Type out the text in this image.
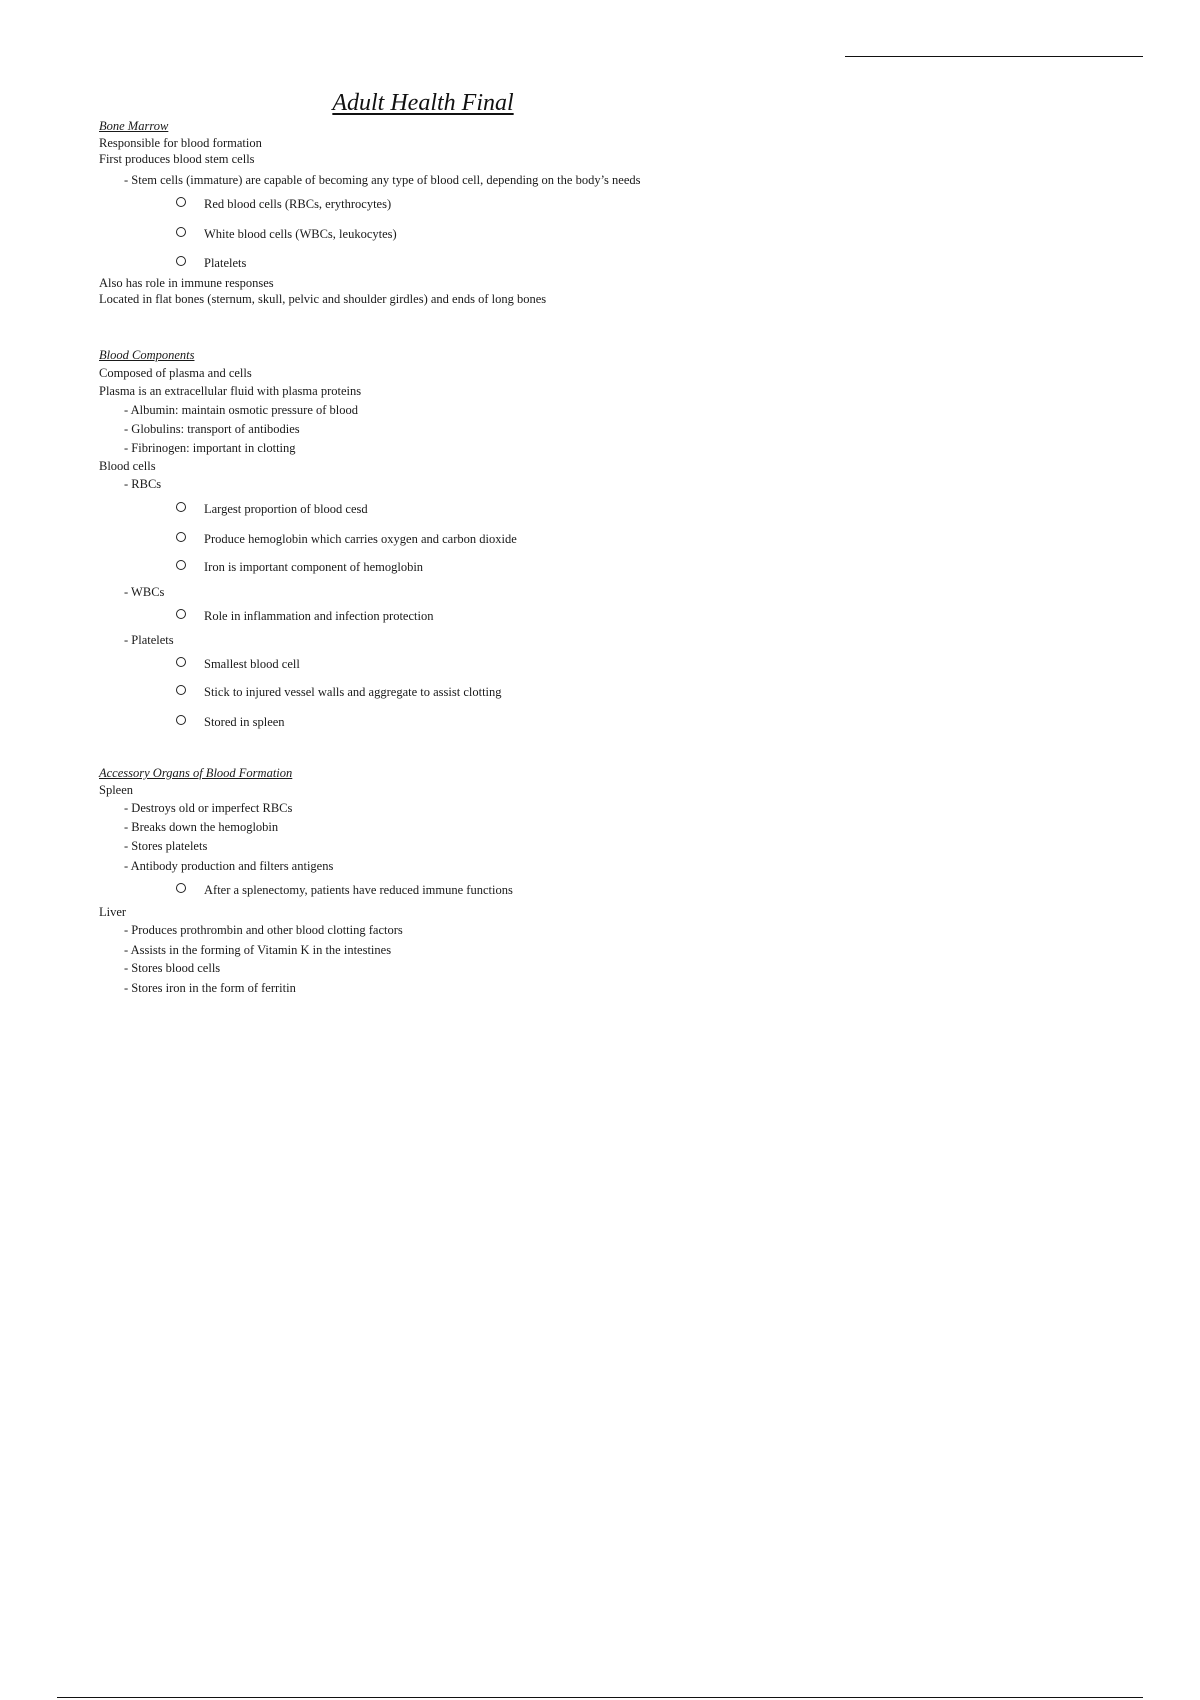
Adult Health Final
Bone Marrow
Responsible for blood formation
First produces blood stem cells
- Stem cells (immature) are capable of becoming any type of blood cell, depending on the body’s needs
Red blood cells (RBCs, erythrocytes)
White blood cells (WBCs, leukocytes)
Platelets
Also has role in immune responses
Located in flat bones (sternum, skull, pelvic and shoulder girdles) and ends of long bones
Blood Components
Composed of plasma and cells
Plasma is an extracellular fluid with plasma proteins
- Albumin: maintain osmotic pressure of blood
- Globulins: transport of antibodies
- Fibrinogen: important in clotting
Blood cells
- RBCs
Largest proportion of blood cesd
Produce hemoglobin which carries oxygen and carbon dioxide
Iron is important component of hemoglobin
- WBCs
Role in inflammation and infection protection
- Platelets
Smallest blood cell
Stick to injured vessel walls and aggregate to assist clotting
Stored in spleen
Accessory Organs of Blood Formation
Spleen
- Destroys old or imperfect RBCs
- Breaks down the hemoglobin
- Stores platelets
- Antibody production and filters antigens
After a splenectomy, patients have reduced immune functions
Liver
- Produces prothrombin and other blood clotting factors
- Assists in the forming of Vitamin K in the intestines
- Stores blood cells
- Stores iron in the form of ferritin
